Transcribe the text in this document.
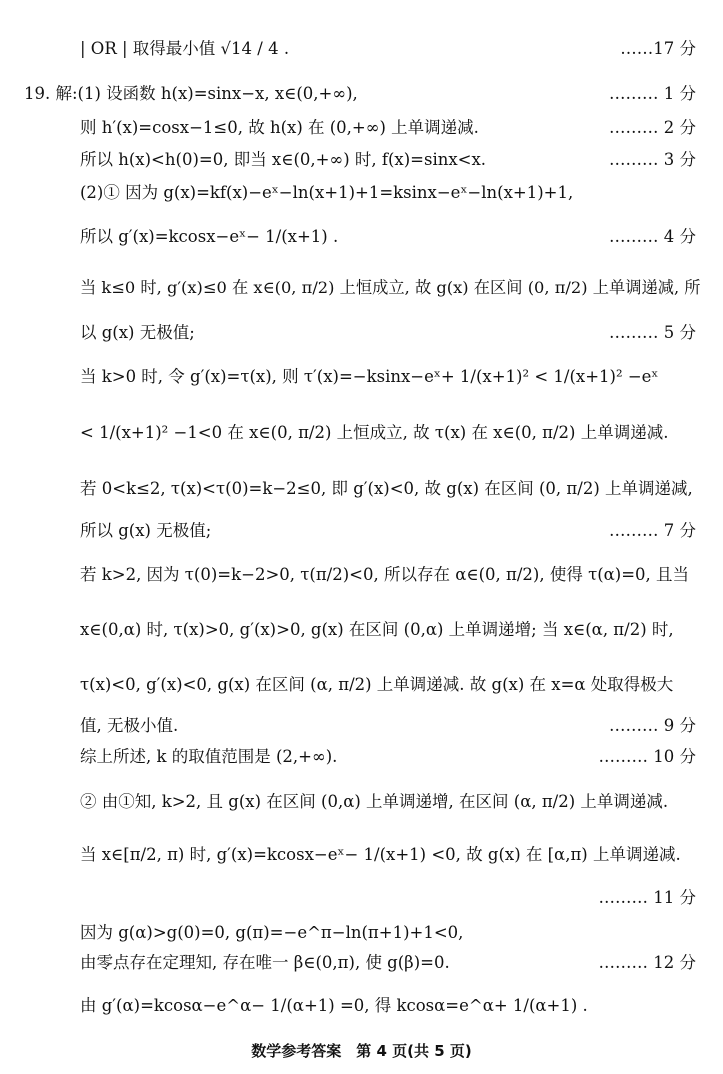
| OR | 取得最小值 √14 / 4 .	……17 分
19. 解:(1) 设函数 h(x)=sinx−x, x∈(0,+∞),	……… 1 分
则 h′(x)=cosx−1≤0, 故 h(x) 在 (0,+∞) 上单调递减.	……… 2 分
所以 h(x)<h(0)=0, 即当 x∈(0,+∞) 时, f(x)=sinx<x.	……… 3 分
(2)① 因为 g(x)=kf(x)−eˣ−ln(x+1)+1=ksinx−eˣ−ln(x+1)+1,
所以 g′(x)=kcosx−eˣ− 1/(x+1) .	……… 4 分
当 k≤0 时, g′(x)≤0 在 x∈(0, π/2) 上恒成立, 故 g(x) 在区间 (0, π/2) 上单调递减, 所
以 g(x) 无极值;	……… 5 分
当 k>0 时, 令 g′(x)=τ(x), 则 τ′(x)=−ksinx−eˣ+ 1/(x+1)² < 1/(x+1)² −eˣ
< 1/(x+1)² −1<0 在 x∈(0, π/2) 上恒成立, 故 τ(x) 在 x∈(0, π/2) 上单调递减.
若 0<k≤2, τ(x)<τ(0)=k−2≤0, 即 g′(x)<0, 故 g(x) 在区间 (0, π/2) 上单调递减,
所以 g(x) 无极值;	……… 7 分
若 k>2, 因为 τ(0)=k−2>0, τ(π/2)<0, 所以存在 α∈(0, π/2), 使得 τ(α)=0, 且当
x∈(0,α) 时, τ(x)>0, g′(x)>0, g(x) 在区间 (0,α) 上单调递增; 当 x∈(α, π/2) 时,
τ(x)<0, g′(x)<0, g(x) 在区间 (α, π/2) 上单调递减. 故 g(x) 在 x=α 处取得极大
值, 无极小值.	……… 9 分
综上所述, k 的取值范围是 (2,+∞).	……… 10 分
② 由①知, k>2, 且 g(x) 在区间 (0,α) 上单调递增, 在区间 (α, π/2) 上单调递减.
当 x∈[π/2, π) 时, g′(x)=kcosx−eˣ− 1/(x+1) <0, 故 g(x) 在 [α,π) 上单调递减.
……… 11 分
因为 g(α)>g(0)=0, g(π)=−e^π−ln(π+1)+1<0,
由零点存在定理知, 存在唯一 β∈(0,π), 使 g(β)=0.	……… 12 分
由 g′(α)=kcosα−e^α− 1/(α+1) =0, 得 kcosα=e^α+ 1/(α+1) .
数学参考答案　第 4 页(共 5 页)
